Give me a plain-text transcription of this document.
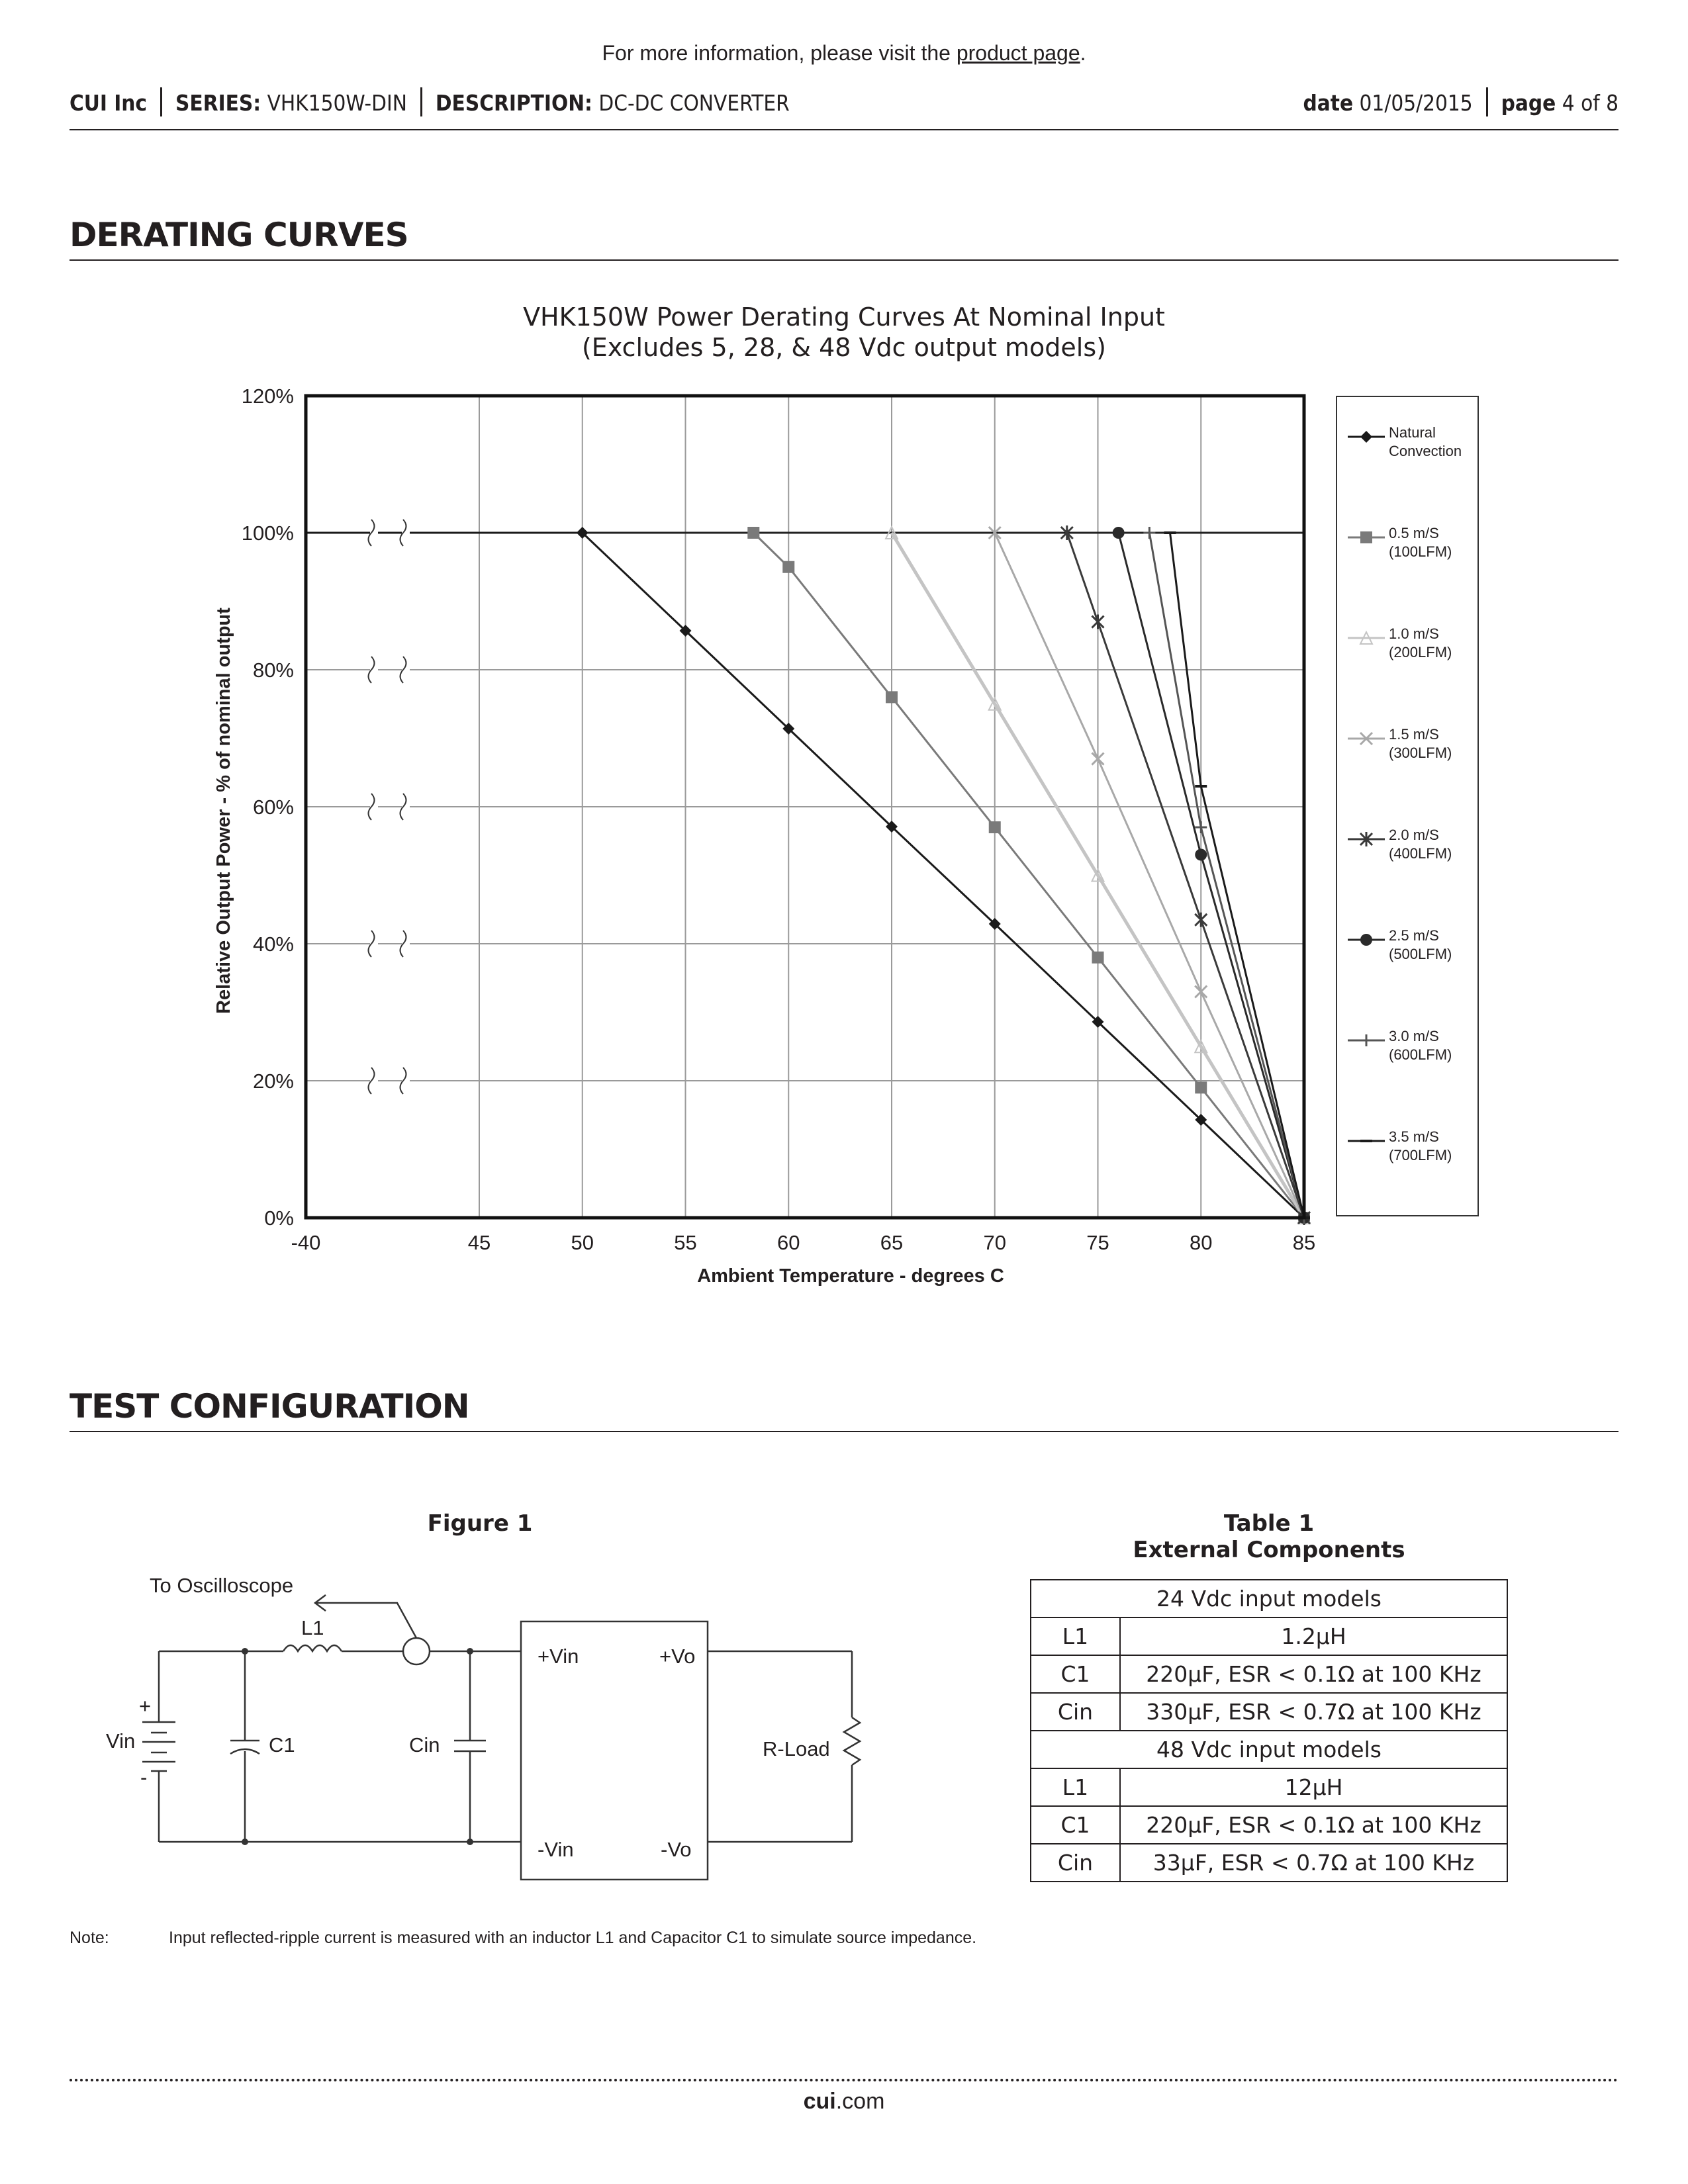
For more information, please visit the product page.
CUI Inc SERIES: VHK150W-DIN DESCRIPTION: DC-DC CONVERTER	date 01/05/2015 page 4 of 8
DERATING CURVES
VHK150W Power Derating Curves At Nominal Input
(Excludes 5, 28, & 48 Vdc output models)
-40	45	50	55	60	65	70	75	80	85
0%
20%
40%
60%
80%
100%
120%
Ambient Temperature - degrees C
Relative Output Power - % of nominal output
Natural Convection
0.5 m/S
(100LFM)
1.0 m/S
(200LFM)
1.5 m/S
(300LFM)
2.0 m/S
(400LFM)
2.5 m/S
(500LFM)
3.0 m/S
(600LFM)
3.5 m/S
(700LFM)
TEST CONFIGURATION
Figure 1
To Oscilloscope
L1
C1	Cin
Vin
+
-
+Vin	+Vo
-Vin	-Vo
R-Load
Table 1
External Components
24 Vdc input models	
L1	1.2μH
C1	220μF, ESR < 0.1Ω at 100 KHz
Cin	330μF, ESR < 0.7Ω at 100 KHz
48 Vdc input models	
L1	12μH
C1	220μF, ESR < 0.1Ω at 100 KHz
Cin	33μF, ESR < 0.7Ω at 100 KHz
Note:	Input reflected-ripple current is measured with an inductor L1 and Capacitor C1 to simulate source impedance.
cui.com
